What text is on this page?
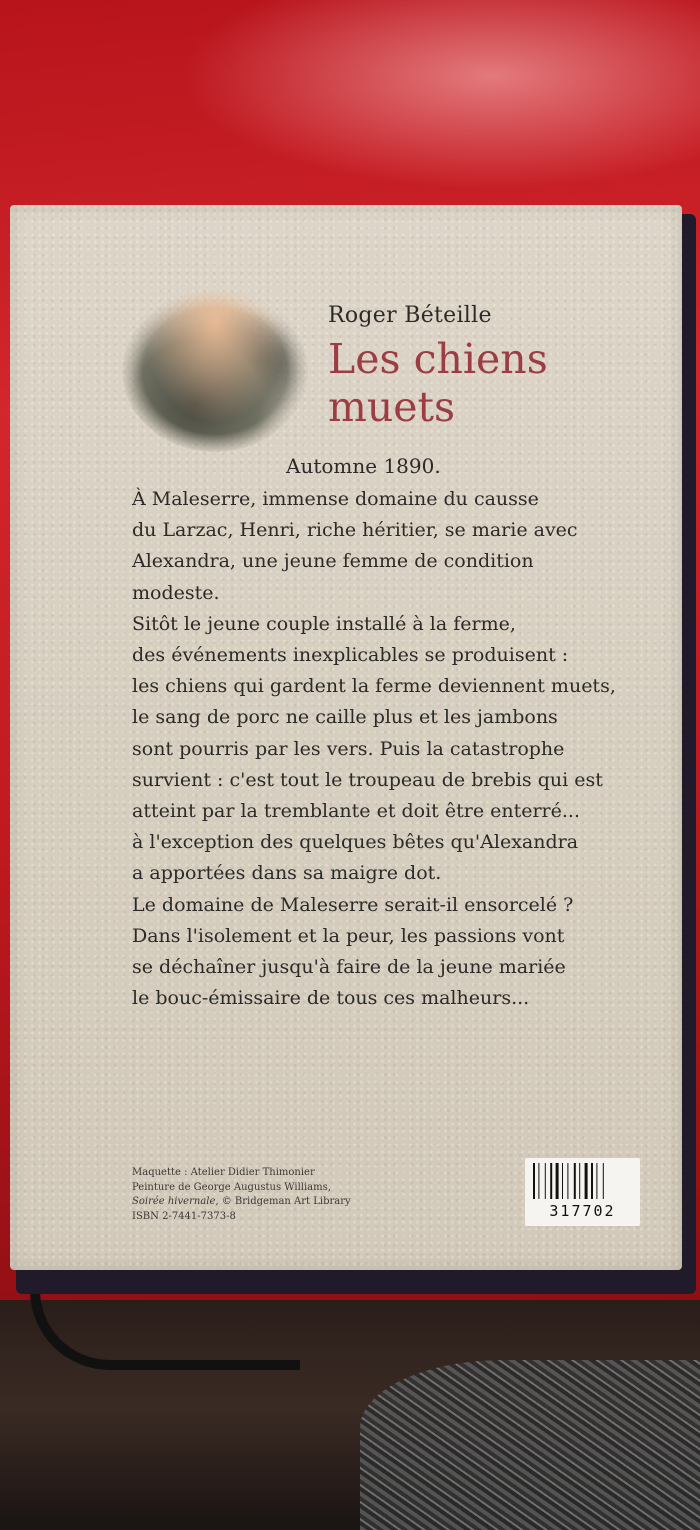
Roger Béteille
Les chiens
muets
Automne 1890.
À Maleserre, immense domaine du causse
du Larzac, Henri, riche héritier, se marie avec
Alexandra, une jeune femme de condition
modeste.
Sitôt le jeune couple installé à la ferme,
des événements inexplicables se produisent :
les chiens qui gardent la ferme deviennent muets,
le sang de porc ne caille plus et les jambons
sont pourris par les vers. Puis la catastrophe
survient : c'est tout le troupeau de brebis qui est
atteint par la tremblante et doit être enterré...
à l'exception des quelques bêtes qu'Alexandra
a apportées dans sa maigre dot.
Le domaine de Maleserre serait-il ensorcelé ?
Dans l'isolement et la peur, les passions vont
se déchaîner jusqu'à faire de la jeune mariée
le bouc-émissaire de tous ces malheurs...
Maquette : Atelier Didier Thimonier
Peinture de George Augustus Williams,
Soirée hivernale, © Bridgeman Art Library
ISBN 2-7441-7373-8	317702
